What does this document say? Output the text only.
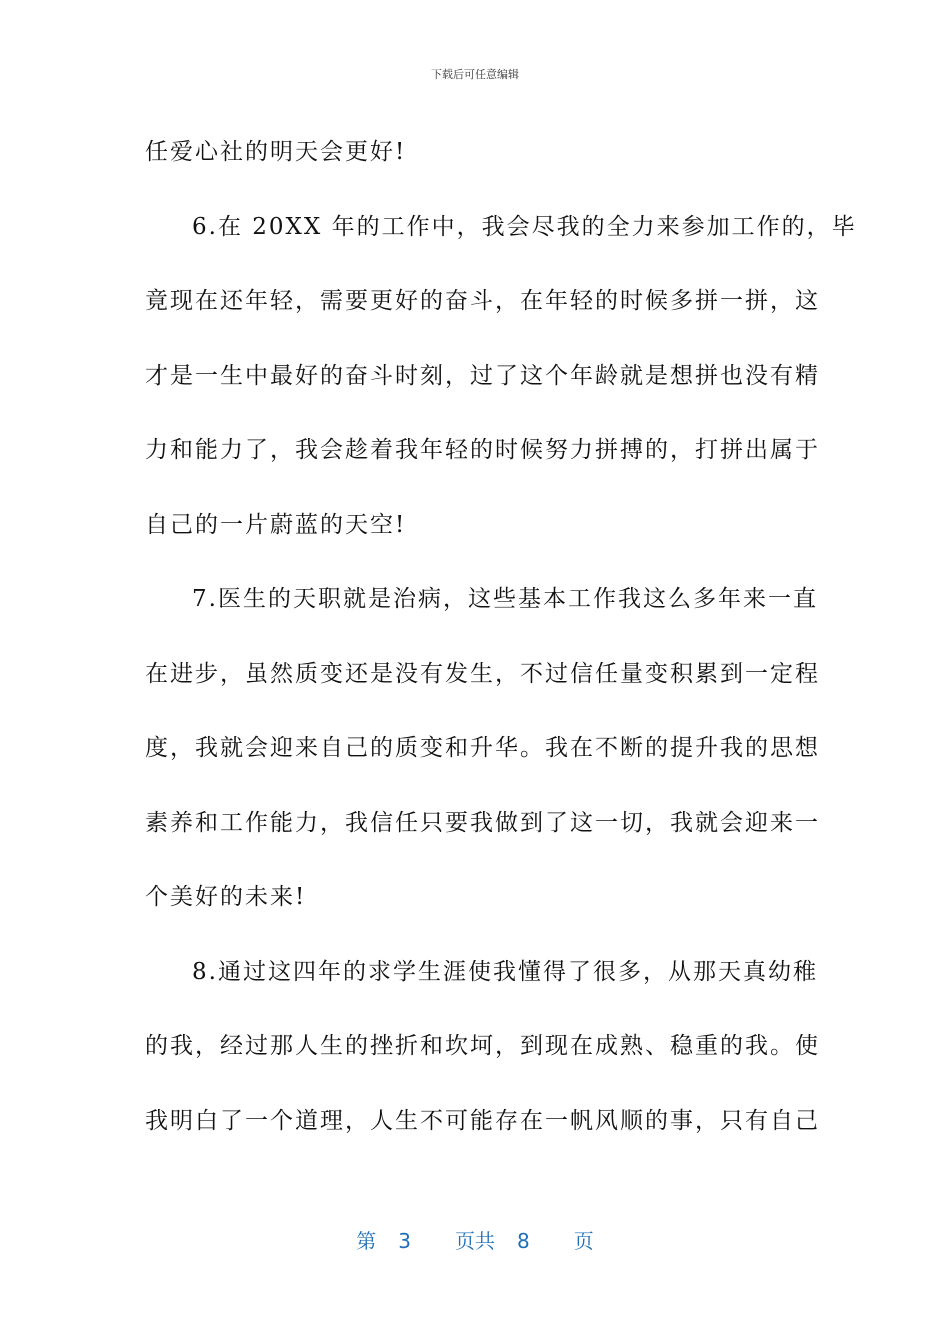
下载后可任意编辑
任爱心社的明天会更好!
6.在 20XX 年的工作中，我会尽我的全力来参加工作的，毕
竟现在还年轻，需要更好的奋斗，在年轻的时候多拼一拼，这
才是一生中最好的奋斗时刻，过了这个年龄就是想拼也没有精
力和能力了，我会趁着我年轻的时候努力拼搏的，打拼出属于
自己的一片蔚蓝的天空!
7.医生的天职就是治病，这些基本工作我这么多年来一直
在进步，虽然质变还是没有发生，不过信任量变积累到一定程
度，我就会迎来自己的质变和升华。我在不断的提升我的思想
素养和工作能力，我信任只要我做到了这一切，我就会迎来一
个美好的未来!
8.通过这四年的求学生涯使我懂得了很多，从那天真幼稚
的我，经过那人生的挫折和坎坷，到现在成熟、稳重的我。使
我明白了一个道理，人生不可能存在一帆风顺的事，只有自己
第 3 页共 8 页
